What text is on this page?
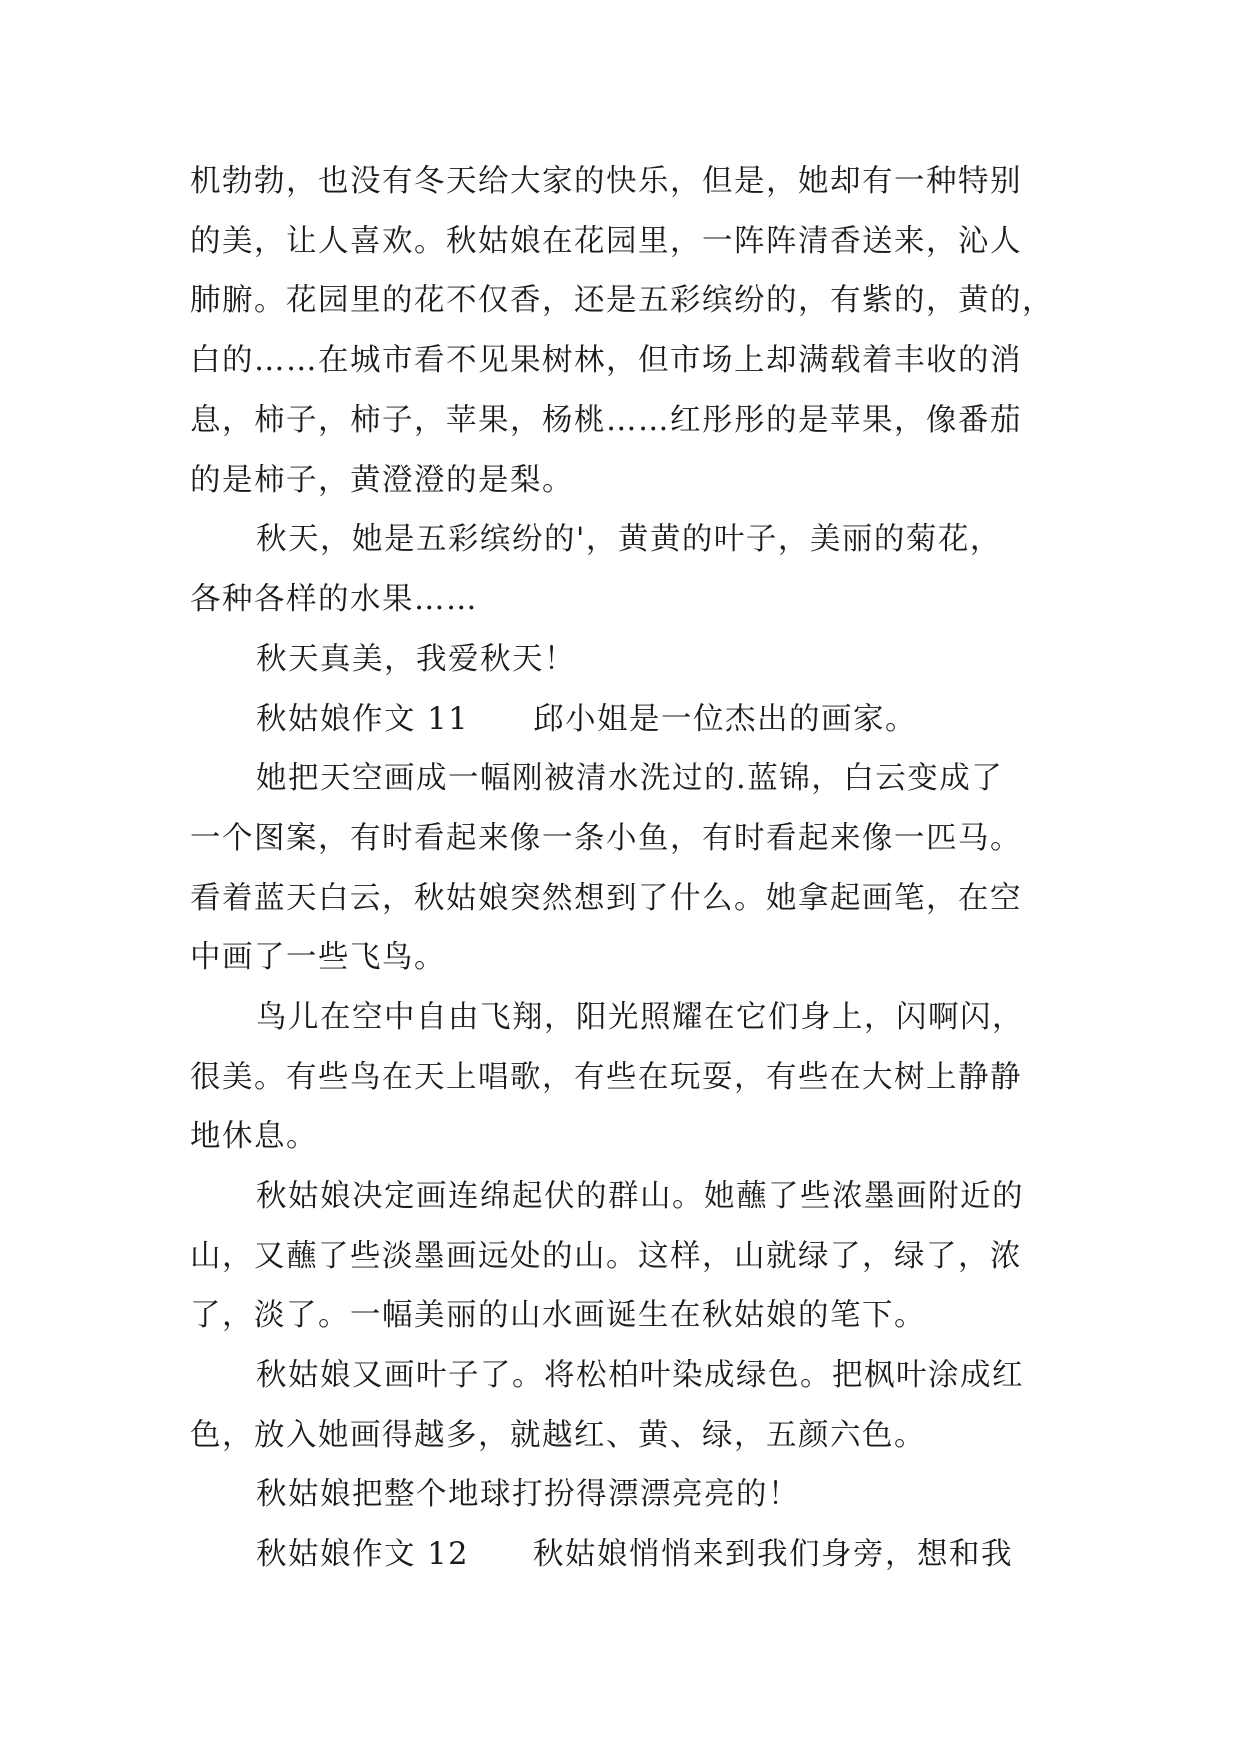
机勃勃，也没有冬天给大家的快乐，但是，她却有一种特别
的美，让人喜欢。秋姑娘在花园里，一阵阵清香送来，沁人
肺腑。花园里的花不仅香，还是五彩缤纷的，有紫的，黄的，
白的……在城市看不见果树林，但市场上却满载着丰收的消
息，柿子，柿子，苹果，杨桃……红彤彤的是苹果，像番茄
的是柿子，黄澄澄的是梨。
秋天，她是五彩缤纷的'，黄黄的叶子，美丽的菊花，
各种各样的水果……
秋天真美，我爱秋天！
秋姑娘作文 11　　邱小姐是一位杰出的画家。
她把天空画成一幅刚被清水洗过的.蓝锦，白云变成了
一个图案，有时看起来像一条小鱼，有时看起来像一匹马。
看着蓝天白云，秋姑娘突然想到了什么。她拿起画笔，在空
中画了一些飞鸟。
鸟儿在空中自由飞翔，阳光照耀在它们身上，闪啊闪，
很美。有些鸟在天上唱歌，有些在玩耍，有些在大树上静静
地休息。
秋姑娘决定画连绵起伏的群山。她蘸了些浓墨画附近的
山，又蘸了些淡墨画远处的山。这样，山就绿了，绿了，浓
了，淡了。一幅美丽的山水画诞生在秋姑娘的笔下。
秋姑娘又画叶子了。将松柏叶染成绿色。把枫叶涂成红
色，放入她画得越多，就越红、黄、绿，五颜六色。
秋姑娘把整个地球打扮得漂漂亮亮的！
秋姑娘作文 12　　秋姑娘悄悄来到我们身旁，想和我
